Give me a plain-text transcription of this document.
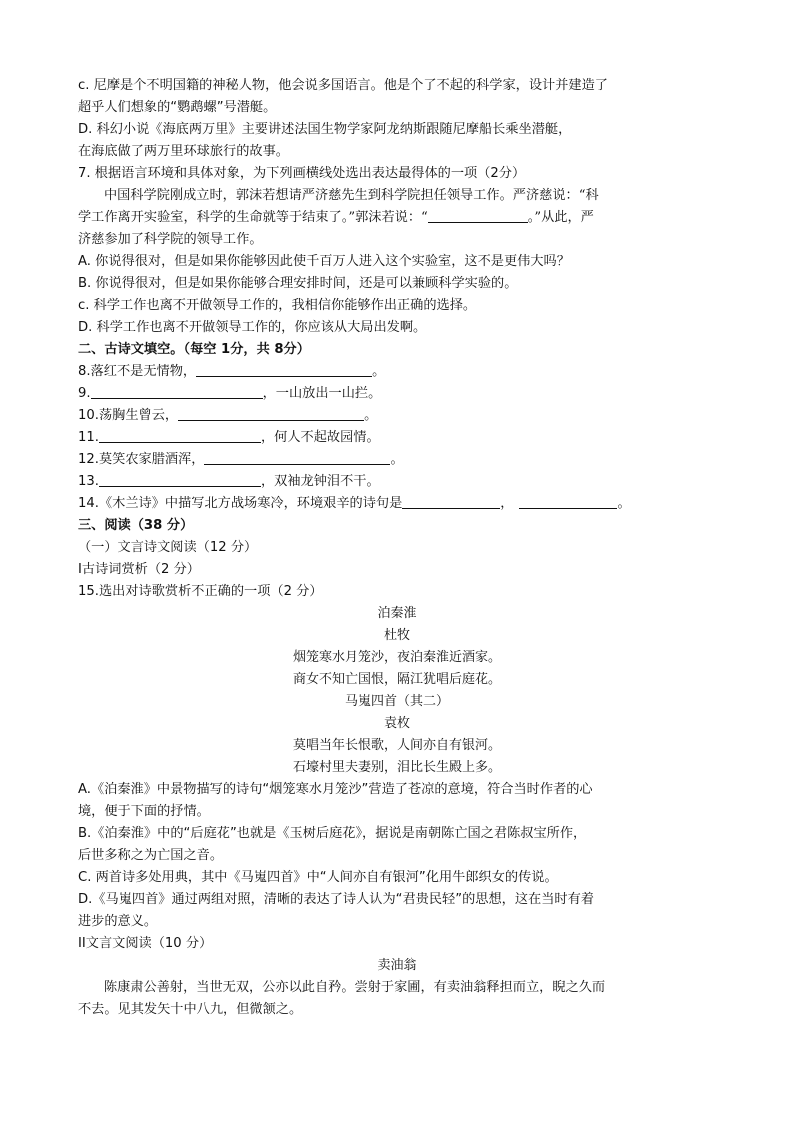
c. 尼摩是个不明国籍的神秘人物，他会说多国语言。他是个了不起的科学家，设计并建造了
超乎人们想象的“鹦鹉螺”号潜艇。
D. 科幻小说《海底两万里》主要讲述法国生物学家阿龙纳斯跟随尼摩船长乘坐潜艇，
在海底做了两万里环球旅行的故事。
7. 根据语言环境和具体对象，为下列画横线处选出表达最得体的一项（2分）
中国科学院刚成立时，郭沫若想请严济慈先生到科学院担任领导工作。严济慈说：“科
学工作离开实验室，科学的生命就等于结束了。”郭沫若说：“	。”从此，严
济慈参加了科学院的领导工作。
A. 你说得很对，但是如果你能够因此使千百万人进入这个实验室，这不是更伟大吗？
B. 你说得很对，但是如果你能够合理安排时间，还是可以兼顾科学实验的。
c. 科学工作也离不开做领导工作的，我相信你能够作出正确的选择。
D. 科学工作也离不开做领导工作的，你应该从大局出发啊。
二、古诗文填空。（每空 1分，共 8分）
8.落红不是无情物，	。
9.	，一山放出一山拦。
10.荡胸生曾云，	。
11.	，何人不起故园情。
12.莫笑农家腊酒浑，	。
13.	，双袖龙钟泪不干。
14.《木兰诗》中描写北方战场寒冷，环境艰辛的诗句是	，	。
三、阅读（38 分）
（一）文言诗文阅读（12 分）
I古诗词赏析（2 分）
15.选出对诗歌赏析不正确的一项（2 分）
泊秦淮
杜牧
烟笼寒水月笼沙，夜泊秦淮近酒家。
商女不知亡国恨，隔江犹唱后庭花。
马嵬四首（其二）
袁枚
莫唱当年长恨歌，人间亦自有银河。
石壕村里夫妻别，泪比长生殿上多。
A.《泊秦淮》中景物描写的诗句“烟笼寒水月笼沙”营造了苍凉的意境，符合当时作者的心
境，便于下面的抒情。
B.《泊秦淮》中的“后庭花”也就是《玉树后庭花》，据说是南朝陈亡国之君陈叔宝所作，
后世多称之为亡国之音。
C. 两首诗多处用典，其中《马嵬四首》中“人间亦自有银河”化用牛郎织女的传说。
D.《马嵬四首》通过两组对照，清晰的表达了诗人认为“君贵民轻”的思想，这在当时有着
进步的意义。
II文言文阅读（10 分）
卖油翁
陈康肃公善射，当世无双，公亦以此自矜。尝射于家圃，有卖油翁释担而立，睨之久而
不去。见其发矢十中八九，但微颔之。
